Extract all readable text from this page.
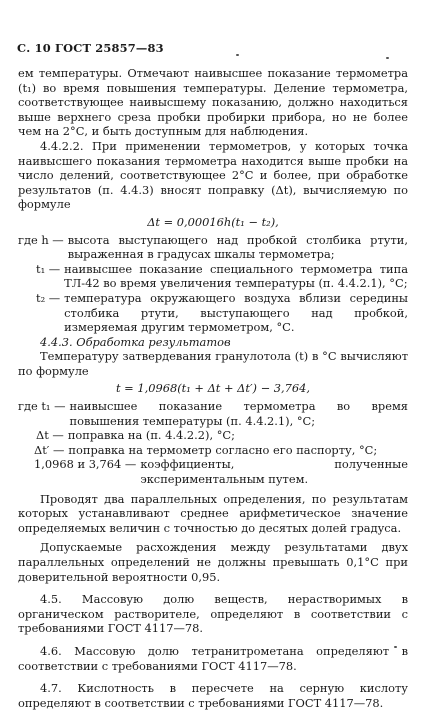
С. 10 ГОСТ 25857—83

ем температуры. Отмечают наивысшее показание термометра (t₁) во время повышения температуры. Деление термометра, соответствующее наивысшему показанию, должно находиться выше верхнего среза пробки пробирки прибора, но не более чем на 2°С, и быть доступным для наблюдения.

4.4.2.2. При применении термометров, у которых точка наивысшего показания термометра находится выше пробки на число делений, соответствующее 2°С и более, при обработке результатов (п. 4.4.3) вносят поправку (Δt), вычисляемую по формуле

Δt = 0,00016h(t₁ − t₂),

где h — высота выступающего над пробкой столбика ртути, выраженная в градусах шкалы термометра;
t₁ — наивысшее показание специального термометра типа ТЛ-42 во время увеличения температуры (п. 4.4.2.1), °С;
t₂ — температура окружающего воздуха вблизи середины столбика ртути, выступающего над пробкой, измеряемая другим термометром, °С.

4.4.3. Обработка результатов

Температуру затвердевания гранулотола (t) в °С вычисляют по формуле

t = 1,0968(t₁ + Δt + Δt′) − 3,764,

где t₁ — наивысшее показание термометра во время повышения температуры (п. 4.4.2.1), °С;
Δt — поправка на (п. 4.4.2.2), °С;
Δt′ — поправка на термометр согласно его паспорту, °С;
1,0968 и 3,764 — коэффициенты, полученные экспериментальным путем.

Проводят два параллельных определения, по результатам которых устанавливают среднее арифметическое значение определяемых величин с точностью до десятых долей градуса.

Допускаемые расхождения между результатами двух параллельных определений не должны превышать 0,1°С при доверительной вероятности 0,95.

4.5. Массовую долю веществ, нерастворимых в органическом растворителе, определяют в соответствии с требованиями ГОСТ 4117—78.

4.6. Массовую долю тетранитрометана определяют в соответствии с требованиями ГОСТ 4117—78.

4.7. Кислотность в пересчете на серную кислоту определяют в соответствии с требованиями ГОСТ 4117—78.
